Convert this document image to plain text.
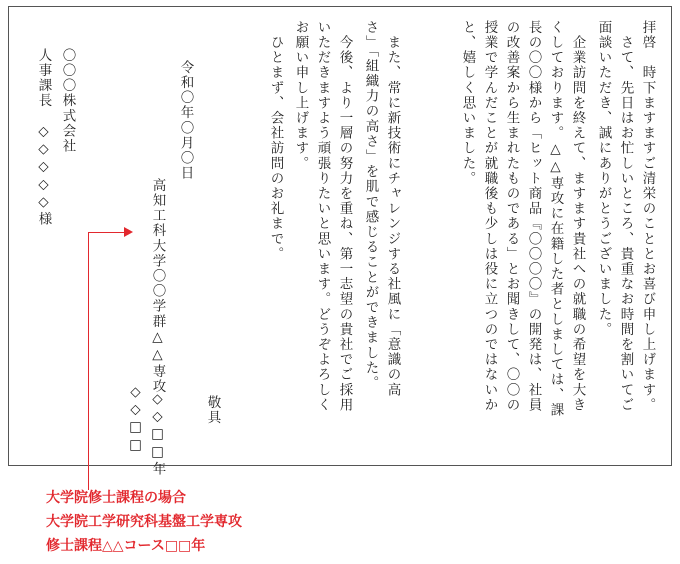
拝啓　時下ますますご清栄のこととお喜び申し上げます。
　さて、先日はお忙しいところ、貴重なお時間を割いてご
面談いただき、誠にありがとうございました。
　企業訪問を終えて、ますます貴社への就職の希望を大き
くしております。△△専攻に在籍した者としましては、課
長の〇〇様から「ヒット商品『〇〇〇〇』の開発は、社員
の改善案から生まれたものである」とお聞きして、〇〇の
授業で学んだことが就職後も少しは役に立つのではないか
と、嬉しく思いました。
　また、常に新技術にチャレンジする社風に「意識の高
さ」「組織力の高さ」を肌で感じることができました。
　今後、より一層の努力を重ね、第一志望の貴社でご採用
いただきますよう頑張りたいと思います。どうぞよろしく
お願い申し上げます。
　ひとまず、会社訪問のお礼まで。
敬具
令和〇年〇月〇日
高知工科大学〇〇学群△△専攻
◇◇□□年
◇◇□□
〇〇〇株式会社
人事課長　◇◇◇◇◇様
大学院修士課程の場合
大学院工学研究科基盤工学専攻
修士課程△△コース□□年
